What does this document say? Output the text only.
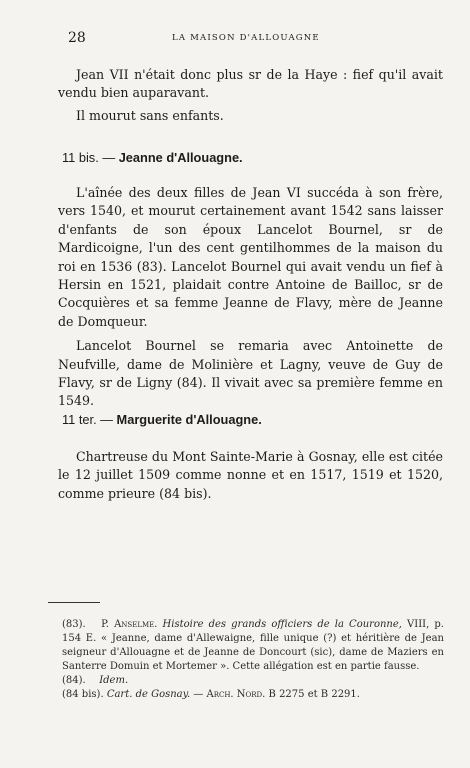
28	LA MAISON D'ALLOUAGNE

Jean VII n'était donc plus sr de la Haye : fief qu'il avait vendu bien auparavant.

Il mourut sans enfants.

11 bis. — Jeanne d'Allouagne.

L'aînée des deux filles de Jean VI succéda à son frère, vers 1540, et mourut certainement avant 1542 sans laisser d'enfants de son époux Lancelot Bournel, sr de Mardicoigne, l'un des cent gentilhommes de la maison du roi en 1536 (83). Lancelot Bournel qui avait vendu un fief à Hersin en 1521, plaidait contre Antoine de Bailloc, sr de Cocquières et sa femme Jeanne de Flavy, mère de Jeanne de Domqueur.

Lancelot Bournel se remaria avec Antoinette de Neufville, dame de Molinière et Lagny, veuve de Guy de Flavy, sr de Ligny (84). Il vivait avec sa première femme en 1549.

11 ter. — Marguerite d'Allouagne.

Chartreuse du Mont Sainte-Marie à Gosnay, elle est citée le 12 juillet 1509 comme nonne et en 1517, 1519 et 1520, comme prieure (84 bis).

(83). P. Anselme. Histoire des grands officiers de la Couronne, VIII, p. 154 E. « Jeanne, dame d'Allewaigne, fille unique (?) et héritière de Jean seigneur d'Allouagne et de Jeanne de Doncourt (sic), dame de Maziers en Santerre Domuin et Mortemer ». Cette allégation est en partie fausse.

(84). Idem.

(84 bis). Cart. de Gosnay. — Arch. Nord. B 2275 et B 2291.
